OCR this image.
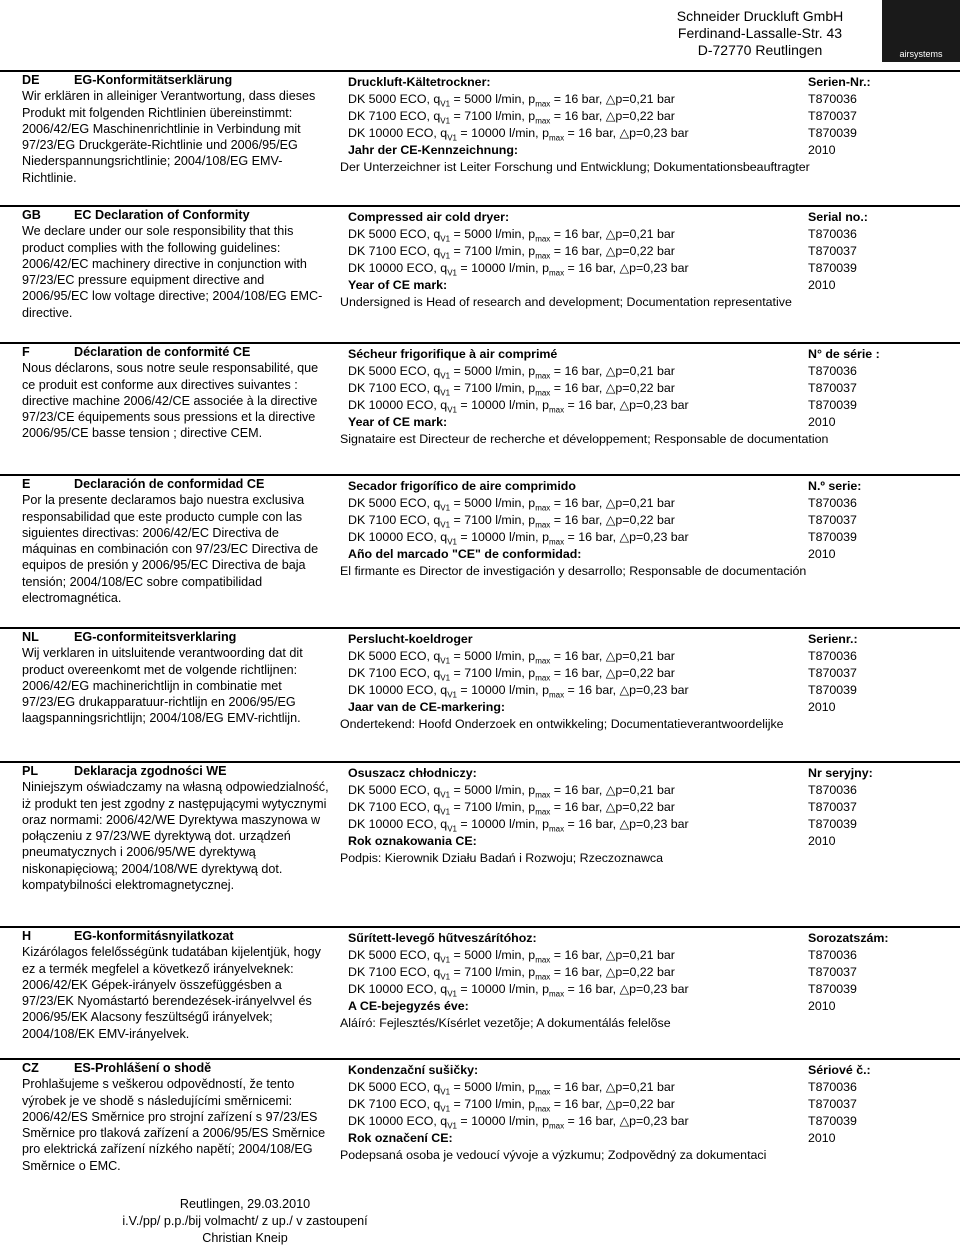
Schneider Druckluft GmbH
Ferdinand-Lassalle-Str. 43
D-72770 Reutlingen	airsystems
DE	EG-Konformitätserklärung
Wir erklären in alleiniger Verantwortung, dass dieses Produkt mit folgenden Richtlinien übereinstimmt: 2006/42/EG Maschinenrichtlinie in Verbindung mit 97/23/EG Druckgeräte-Richtlinie und 2006/95/EG Niederspannungsrichtlinie; 2004/108/EG EMV-Richtlinie.
Druckluft-Kältetrockner:	Serien-Nr.:
DK 5000 ECO, $q_{V1} = 5000$ l/min, $p_{max} = 16$ bar, △p=0,21 bar	T870036
DK 7100 ECO, $q_{V1} = 7100$ l/min, $p_{max} = 16$ bar, △p=0,22 bar	T870037
DK 10000 ECO, $q_{V1} = 10000$ l/min, $p_{max} = 16$ bar, △p=0,23 bar	T870039
Jahr der CE-Kennzeichnung:	2010
Der Unterzeichner ist Leiter Forschung und Entwicklung; Dokumentationsbeauftragter
GB	EC Declaration of Conformity
We declare under our sole responsibility that this product complies with the following guidelines: 2006/42/EC machinery directive in conjunction with 97/23/EC pressure equipment directive and 2006/95/EC low voltage directive; 2004/108/EG EMC-directive.
Compressed air cold dryer:	Serial no.:
DK 5000 ECO, $q_{V1} = 5000$ l/min, $p_{max} = 16$ bar, △p=0,21 bar	T870036
DK 7100 ECO, $q_{V1} = 7100$ l/min, $p_{max} = 16$ bar, △p=0,22 bar	T870037
DK 10000 ECO, $q_{V1} = 10000$ l/min, $p_{max} = 16$ bar, △p=0,23 bar	T870039
Year of CE mark:	2010
Undersigned is Head of research and development; Documentation representative
F	Déclaration de conformité CE
Nous déclarons, sous notre seule responsabilité, que ce produit est conforme aux directives suivantes : directive machine 2006/42/CE associée à la directive 97/23/CE équipements sous pressions et la directive 2006/95/CE basse tension ; directive CEM.
Sécheur frigorifique à air comprimé	N° de série :
DK 5000 ECO, $q_{V1} = 5000$ l/min, $p_{max} = 16$ bar, △p=0,21 bar	T870036
DK 7100 ECO, $q_{V1} = 7100$ l/min, $p_{max} = 16$ bar, △p=0,22 bar	T870037
DK 10000 ECO, $q_{V1} = 10000$ l/min, $p_{max} = 16$ bar, △p=0,23 bar	T870039
Year of CE mark:	2010
Signataire est Directeur de recherche et développement; Responsable de documentation
E	Declaración de conformidad CE
Por la presente declaramos bajo nuestra exclusiva responsabilidad que este producto cumple con las siguientes directivas: 2006/42/EC Directiva de máquinas en combinación con 97/23/EC Directiva de equipos de presión y 2006/95/EC Directiva de baja tensión; 2004/108/EC sobre compatibilidad electromagnética.
Secador frigorífico de aire comprimido	N.º serie:
DK 5000 ECO, $q_{V1} = 5000$ l/min, $p_{max} = 16$ bar, △p=0,21 bar	T870036
DK 7100 ECO, $q_{V1} = 7100$ l/min, $p_{max} = 16$ bar, △p=0,22 bar	T870037
DK 10000 ECO, $q_{V1} = 10000$ l/min, $p_{max} = 16$ bar, △p=0,23 bar	T870039
Año del marcado "CE" de conformidad:	2010
El firmante es Director de investigación y desarrollo; Responsable de documentación
NL	EG-conformiteitsverklaring
Wij verklaren in uitsluitende verantwoording dat dit product overeenkomt met de volgende richtlijnen: 2006/42/EG machinerichtlijn in combinatie met 97/23/EG drukapparatuur-richtlijn en 2006/95/EG laagspanningsrichtlijn; 2004/108/EG EMV-richtlijn.
Perslucht-koeldroger	Serienr.:
DK 5000 ECO, $q_{V1} = 5000$ l/min, $p_{max} = 16$ bar, △p=0,21 bar	T870036
DK 7100 ECO, $q_{V1} = 7100$ l/min, $p_{max} = 16$ bar, △p=0,22 bar	T870037
DK 10000 ECO, $q_{V1} = 10000$ l/min, $p_{max} = 16$ bar, △p=0,23 bar	T870039
Jaar van de CE-markering:	2010
Ondertekend: Hoofd Onderzoek en ontwikkeling; Documentatieverantwoordelijke
PL	Deklaracja zgodności WE
Niniejszym oświadczamy na własną odpowiedzialność, iż produkt ten jest zgodny z następującymi wytycznymi oraz normami: 2006/42/WE Dyrektywa maszynowa w połączeniu z 97/23/WE dyrektywą dot. urządzeń pneumatycznych i 2006/95/WE dyrektywą niskonapięciową; 2004/108/WE dyrektywą dot. kompatybilności elektromagnetycznej.
Osuszacz chłodniczy:	Nr seryjny:
DK 5000 ECO, $q_{V1} = 5000$ l/min, $p_{max} = 16$ bar, △p=0,21 bar	T870036
DK 7100 ECO, $q_{V1} = 7100$ l/min, $p_{max} = 16$ bar, △p=0,22 bar	T870037
DK 10000 ECO, $q_{V1} = 10000$ l/min, $p_{max} = 16$ bar, △p=0,23 bar	T870039
Rok oznakowania CE:	2010
Podpis: Kierownik Działu Badań i Rozwoju; Rzeczoznawca
H	EG-konformitásnyilatkozat
Kizárólagos felelősségünk tudatában kijelentjük, hogy ez a termék megfelel a következő irányelveknek: 2006/42/EK Gépek-irányelv összefüggésben a 97/23/EK Nyomástartó berendezések-irányelvvel és 2006/95/EK Alacsony feszültségű irányelvek; 2004/108/EK EMV-irányelvek.
Sűrített-levegő hűtveszárítóhoz:	Sorozatszám:
DK 5000 ECO, $q_{V1} = 5000$ l/min, $p_{max} = 16$ bar, △p=0,21 bar	T870036
DK 7100 ECO, $q_{V1} = 7100$ l/min, $p_{max} = 16$ bar, △p=0,22 bar	T870037
DK 10000 ECO, $q_{V1} = 10000$ l/min, $p_{max} = 16$ bar, △p=0,23 bar	T870039
A CE-bejegyzés éve:	2010
Aláíró: Fejlesztés/Kísérlet vezetõje; A dokumentálás felelõse
CZ	ES-Prohlášení o shodě
Prohlašujeme s veškerou odpovědností, že tento výrobek je ve shodě s následujícími směrnicemi: 2006/42/ES Směrnice pro strojní zařízení s 97/23/ES Směrnice pro tlaková zařízení a 2006/95/ES Směrnice pro elektrická zařízení nízkého napětí; 2004/108/EG Směrnice o EMC.
Kondenzační sušičky:	Sériové č.:
DK 5000 ECO, $q_{V1} = 5000$ l/min, $p_{max} = 16$ bar, △p=0,21 bar	T870036
DK 7100 ECO, $q_{V1} = 7100$ l/min, $p_{max} = 16$ bar, △p=0,22 bar	T870037
DK 10000 ECO, $q_{V1} = 10000$ l/min, $p_{max} = 16$ bar, △p=0,23 bar	T870039
Rok označení CE:	2010
Podepsaná osoba je vedoucí vývoje a výzkumu; Zodpovědný za dokumentaci
Reutlingen, 29.03.2010
i.V./pp/ p.p./bij volmacht/ z up./ v zastoupení
Christian Kneip
